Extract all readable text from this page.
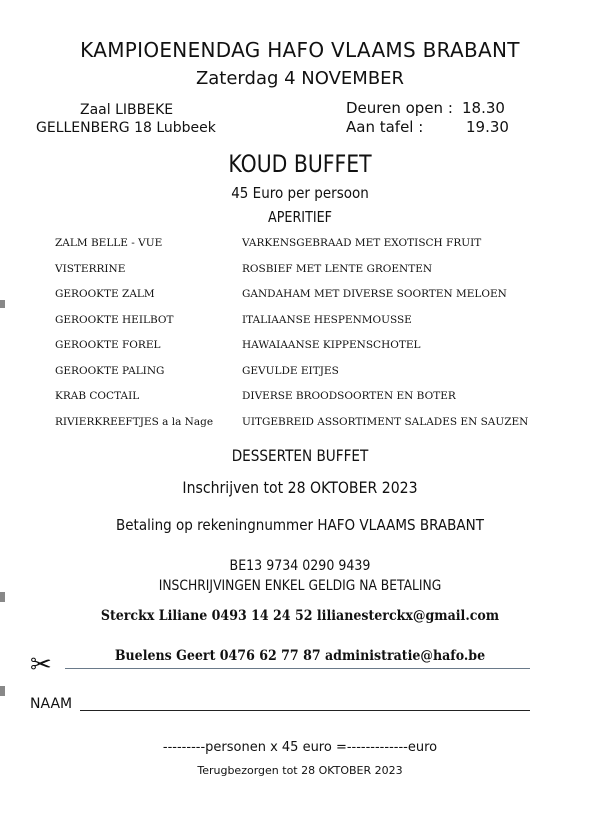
KAMPIOENENDAG HAFO VLAAMS BRABANT
Zaterdag 4 NOVEMBER
Zaal LIBBEKE
GELLENBERG 18 Lubbeek
Deuren open : 18.30
Aan tafel :	19.30
KOUD BUFFET
45 Euro per persoon
APERITIEF
ZALM BELLE - VUE
VISTERRINE
GEROOKTE ZALM
GEROOKTE HEILBOT
GEROOKTE FOREL
GEROOKTE PALING
KRAB COCTAIL
RIVIERKREEFTJES a la Nage
VARKENSGEBRAAD MET EXOTISCH FRUIT
ROSBIEF MET LENTE GROENTEN
GANDAHAM MET DIVERSE SOORTEN MELOEN
ITALIAANSE HESPENMOUSSE
HAWAIAANSE KIPPENSCHOTEL
GEVULDE EITJES
DIVERSE BROODSOORTEN EN BOTER
UITGEBREID ASSORTIMENT SALADES EN SAUZEN
DESSERTEN BUFFET
Inschrijven tot 28 OKTOBER 2023
Betaling op rekeningnummer HAFO VLAAMS BRABANT
BE13 9734 0290 9439
INSCHRIJVINGEN ENKEL GELDIG NA BETALING
Sterckx Liliane 0493 14 24 52 lilianesterckx@gmail.com
Buelens Geert 0476 62 77 87 administratie@hafo.be
✂
NAAM
---------personen x 45 euro =-------------euro
Terugbezorgen tot 28 OKTOBER 2023
